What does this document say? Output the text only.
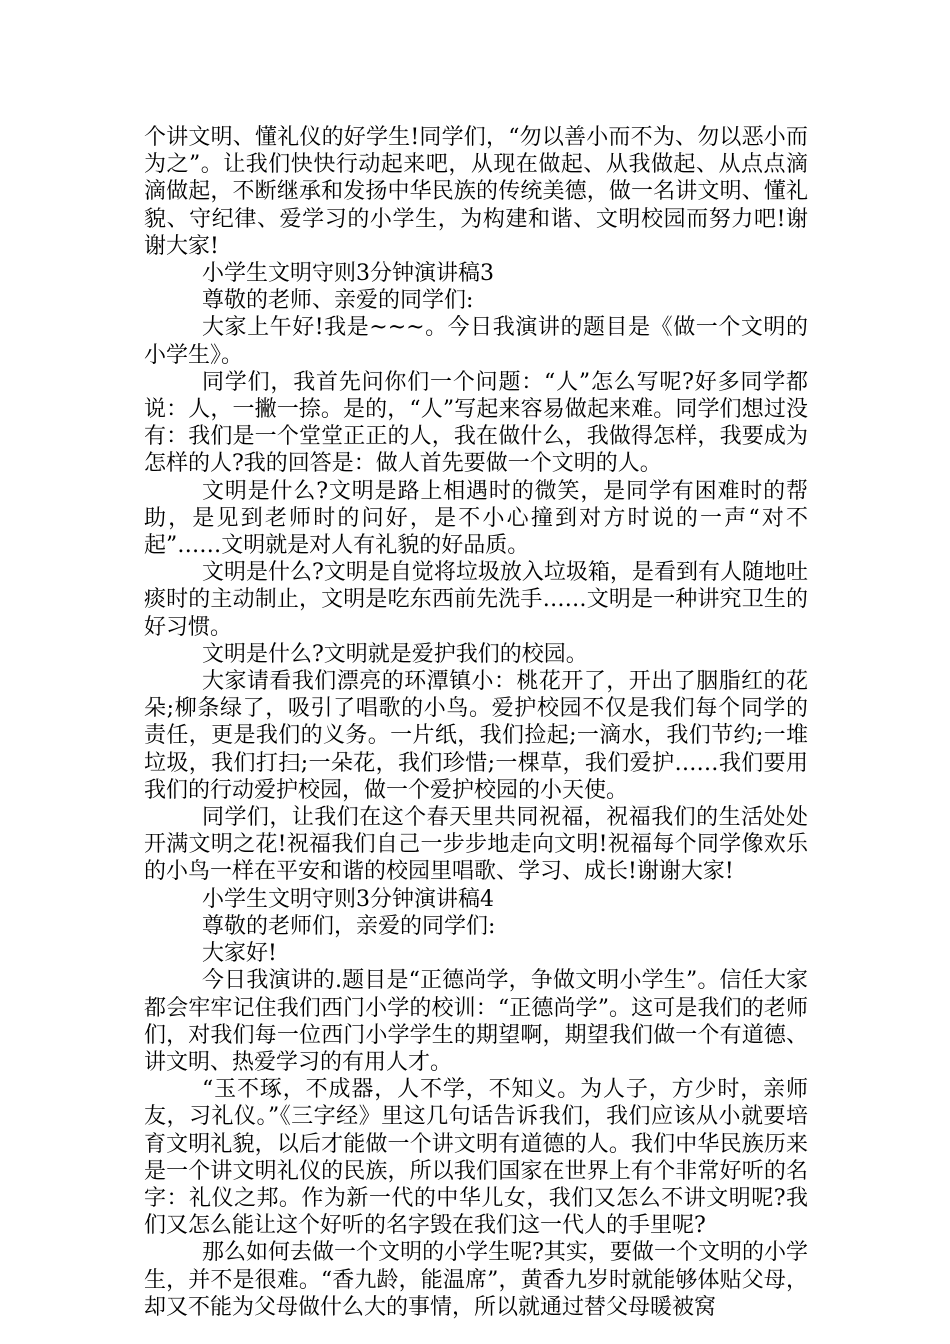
个讲文明、懂礼仪的好学生!同学们，“勿以善小而不为、勿以恶小而为之”。让我们快快行动起来吧，从现在做起、从我做起、从点点滴滴做起，不断继承和发扬中华民族的传统美德，做一名讲文明、懂礼貌、守纪律、爱学习的小学生，为构建和谐、文明校园而努力吧!谢谢大家!

小学生文明守则3分钟演讲稿3

尊敬的老师、亲爱的同学们:

大家上午好!我是~~~。今日我演讲的题目是《做一个文明的小学生》。

同学们，我首先问你们一个问题：“人”怎么写呢?好多同学都说：人，一撇一捺。是的，“人”写起来容易做起来难。同学们想过没有：我们是一个堂堂正正的人，我在做什么，我做得怎样，我要成为怎样的人?我的回答是：做人首先要做一个文明的人。

文明是什么?文明是路上相遇时的微笑，是同学有困难时的帮助，是见到老师时的问好，是不小心撞到对方时说的一声“对不起”……文明就是对人有礼貌的好品质。

文明是什么?文明是自觉将垃圾放入垃圾箱，是看到有人随地吐痰时的主动制止，文明是吃东西前先洗手……文明是一种讲究卫生的好习惯。

文明是什么?文明就是爱护我们的校园。

大家请看我们漂亮的环潭镇小：桃花开了，开出了胭脂红的花朵;柳条绿了，吸引了唱歌的小鸟。爱护校园不仅是我们每个同学的责任，更是我们的义务。一片纸，我们捡起;一滴水，我们节约;一堆垃圾，我们打扫;一朵花，我们珍惜;一棵草，我们爱护……我们要用我们的行动爱护校园，做一个爱护校园的小天使。

同学们，让我们在这个春天里共同祝福，祝福我们的生活处处开满文明之花!祝福我们自己一步步地走向文明!祝福每个同学像欢乐的小鸟一样在平安和谐的校园里唱歌、学习、成长!谢谢大家!

小学生文明守则3分钟演讲稿4

尊敬的老师们，亲爱的同学们:

大家好!

今日我演讲的.题目是“正德尚学，争做文明小学生”。信任大家都会牢牢记住我们西门小学的校训：“正德尚学”。这可是我们的老师们，对我们每一位西门小学学生的期望啊，期望我们做一个有道德、讲文明、热爱学习的有用人才。

“玉不琢，不成器，人不学，不知义。为人子，方少时，亲师友，习礼仪。”《三字经》里这几句话告诉我们，我们应该从小就要培育文明礼貌，以后才能做一个讲文明有道德的人。我们中华民族历来是一个讲文明礼仪的民族，所以我们国家在世界上有个非常好听的名字：礼仪之邦。作为新一代的中华儿女，我们又怎么不讲文明呢?我们又怎么能让这个好听的名字毁在我们这一代人的手里呢?

那么如何去做一个文明的小学生呢?其实，要做一个文明的小学生，并不是很难。“香九龄，能温席”，黄香九岁时就能够体贴父母，却又不能为父母做什么大的事情，所以就通过替父母暖被窝
